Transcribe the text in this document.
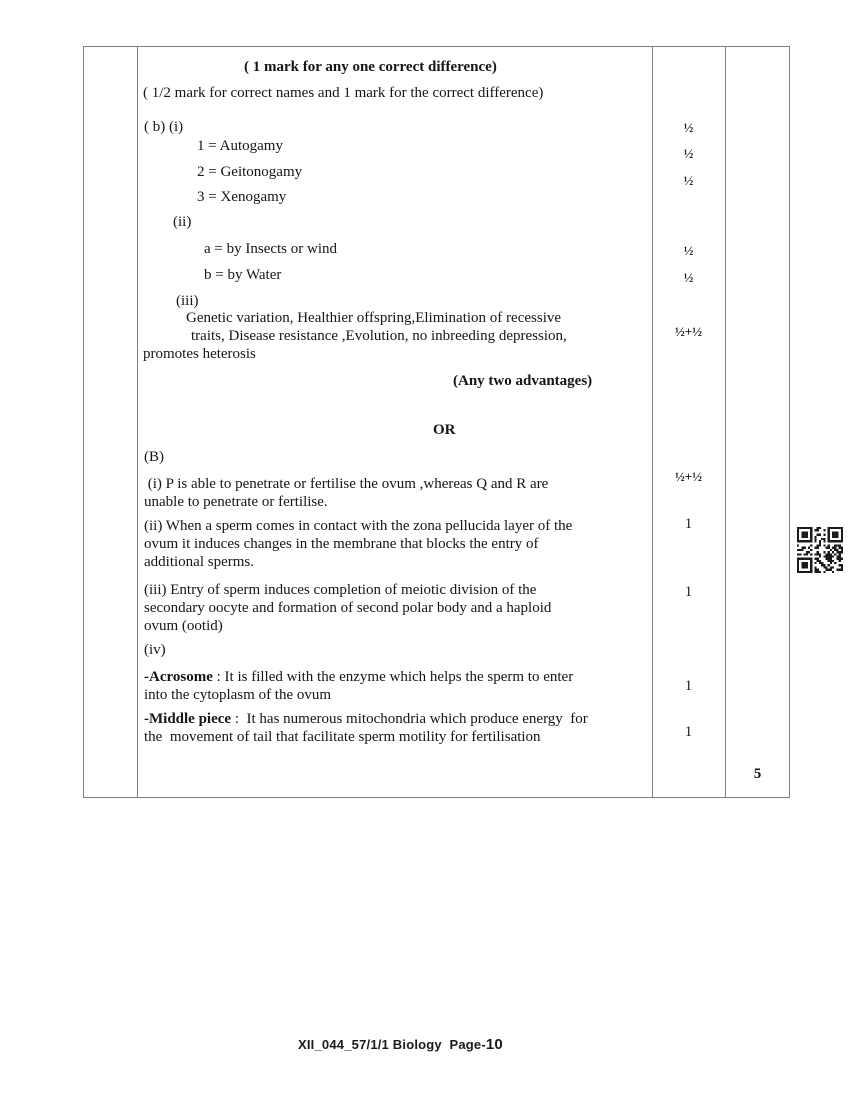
( 1 mark for any one correct difference)
( 1/2 mark for correct names and 1 mark for the correct difference)
( b) (i)
1 = Autogamy
2 = Geitonogamy
3 = Xenogamy
(ii)
a = by Insects or wind
b = by Water
(iii)
Genetic variation, Healthier offspring,Elimination of recessive
traits, Disease resistance ,Evolution, no inbreeding depression,
promotes heterosis
(Any two advantages)
OR
(B)
(i) P is able to penetrate or fertilise the ovum ,whereas Q and R are
unable to penetrate or fertilise.
(ii) When a sperm comes in contact with the zona pellucida layer of the
ovum it induces changes in the membrane that blocks the entry of
additional sperms.
(iii) Entry of sperm induces completion of meiotic division of the
secondary oocyte and formation of second polar body and a haploid
ovum (ootid)
(iv)
-Acrosome : It is filled with the enzyme which helps the sperm to enter
into the cytoplasm of the ovum
-Middle piece :  It has numerous mitochondria which produce energy  for
the  movement of tail that facilitate sperm motility for fertilisation
½
½
½
½
½
½+½
½+½
1
1
1
1
5
XII_044_57/1/1 Biology  Page-10
